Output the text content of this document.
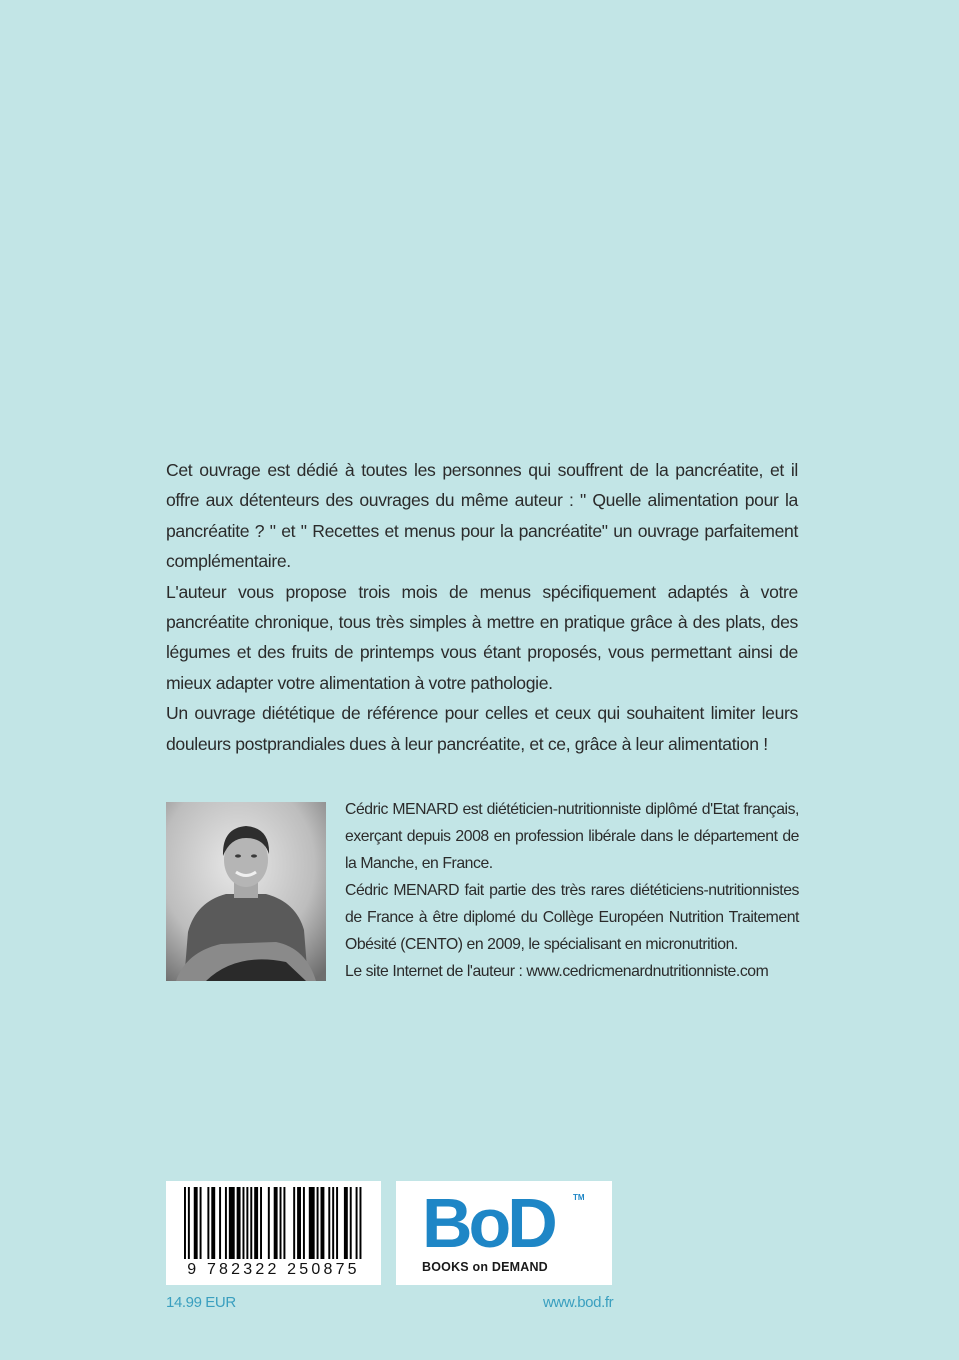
Cet ouvrage est dédié à toutes les personnes qui souffrent de la pancréatite, et il offre aux détenteurs des ouvrages du même auteur : " Quelle alimentation pour la pancréatite ? " et " Recettes et menus pour la pancréatite" un ouvrage parfaitement complémentaire.

L'auteur vous propose trois mois de menus spécifiquement adaptés à votre pancréatite chronique, tous très simples à mettre en pratique grâce à des plats, des légumes et des fruits de printemps vous étant proposés, vous permettant ainsi de mieux adapter votre alimentation à votre pathologie.

Un ouvrage diététique de référence pour celles et ceux qui souhaitent limiter leurs douleurs postprandiales dues à leur pancréatite, et ce, grâce à leur alimentation !

Cédric MENARD est diététicien-nutritionniste diplômé d'Etat français, exerçant depuis 2008 en profession libérale dans le département de la Manche, en France.

Cédric MENARD fait partie des très rares diététiciens-nutritionnistes de France à être diplomé du Collège Européen Nutrition Traitement Obésité (CENTO) en 2009, le spécialisant en micronutrition.

Le site Internet de l'auteur : www.cedricmenardnutritionniste.com

9 782322 250875
BoD TM
BOOKS on DEMAND
14.99 EUR	www.bod.fr
